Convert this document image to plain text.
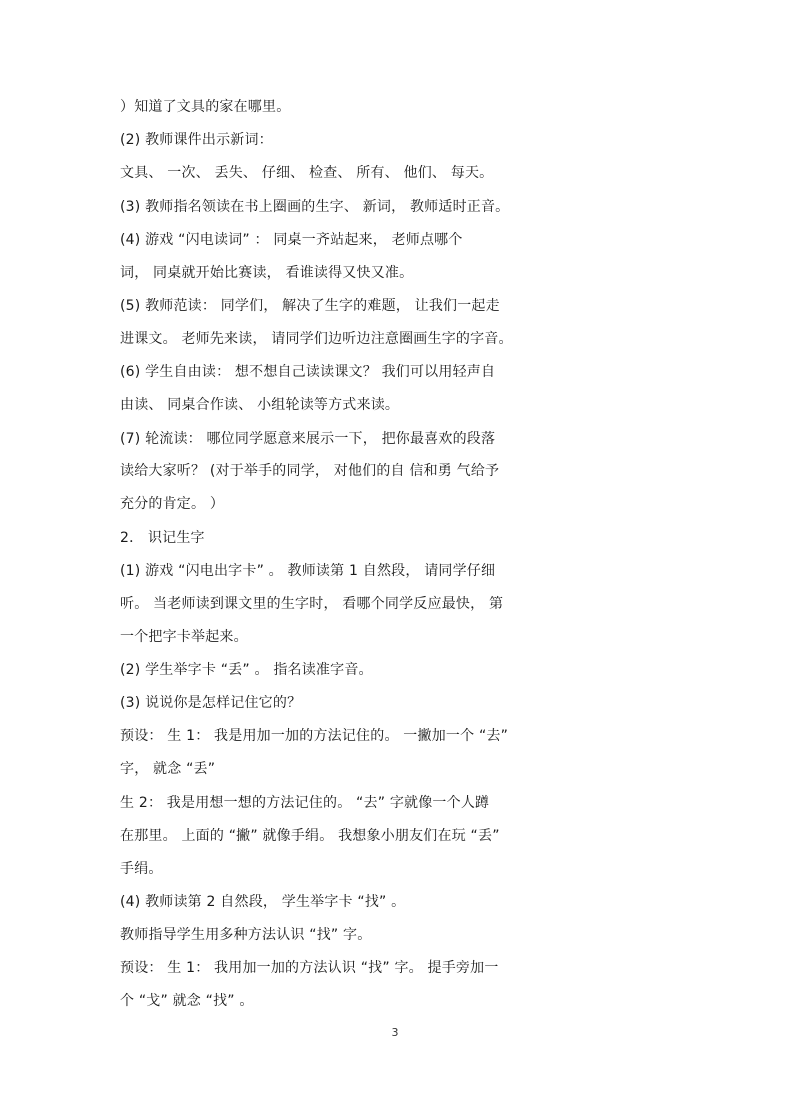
）知道了文具的家在哪里。
(2) 教师课件出示新词：
文具、 一次、 丢失、 仔细、 检查、 所有、 他们、 每天。
(3) 教师指名领读在书上圈画的生字、 新词， 教师适时正音。
(4) 游戏 “闪电读词” ： 同桌一齐站起来， 老师点哪个
词， 同桌就开始比赛读， 看谁读得又快又准。
(5) 教师范读： 同学们， 解决了生字的难题， 让我们一起走
进课文。 老师先来读， 请同学们边听边注意圈画生字的字音。
(6) 学生自由读： 想不想自己读读课文？ 我们可以用轻声自
由读、 同桌合作读、 小组轮读等方式来读。
(7) 轮流读： 哪位同学愿意来展示一下， 把你最喜欢的段落
读给大家听？ (对于举手的同学， 对他们的自 信和勇 气给予
充分的肯定。 ）
2． 识记生字
(1) 游戏 “闪电出字卡” 。 教师读第 1 自然段， 请同学仔细
听。 当老师读到课文里的生字时， 看哪个同学反应最快， 第
一个把字卡举起来。
(2) 学生举字卡 “丢” 。 指名读准字音。
(3) 说说你是怎样记住它的？
预设： 生 1： 我是用加一加的方法记住的。 一撇加一个 “去”
字， 就念 “丢”
生 2： 我是用想一想的方法记住的。 “去” 字就像一个人蹲
在那里。 上面的 “撇” 就像手绢。 我想象小朋友们在玩 “丢”
手绢。
(4) 教师读第 2 自然段， 学生举字卡 “找” 。
教师指导学生用多种方法认识 “找” 字。
预设： 生 1： 我用加一加的方法认识 “找” 字。 提手旁加一
个 “戈” 就念 “找” 。
3
